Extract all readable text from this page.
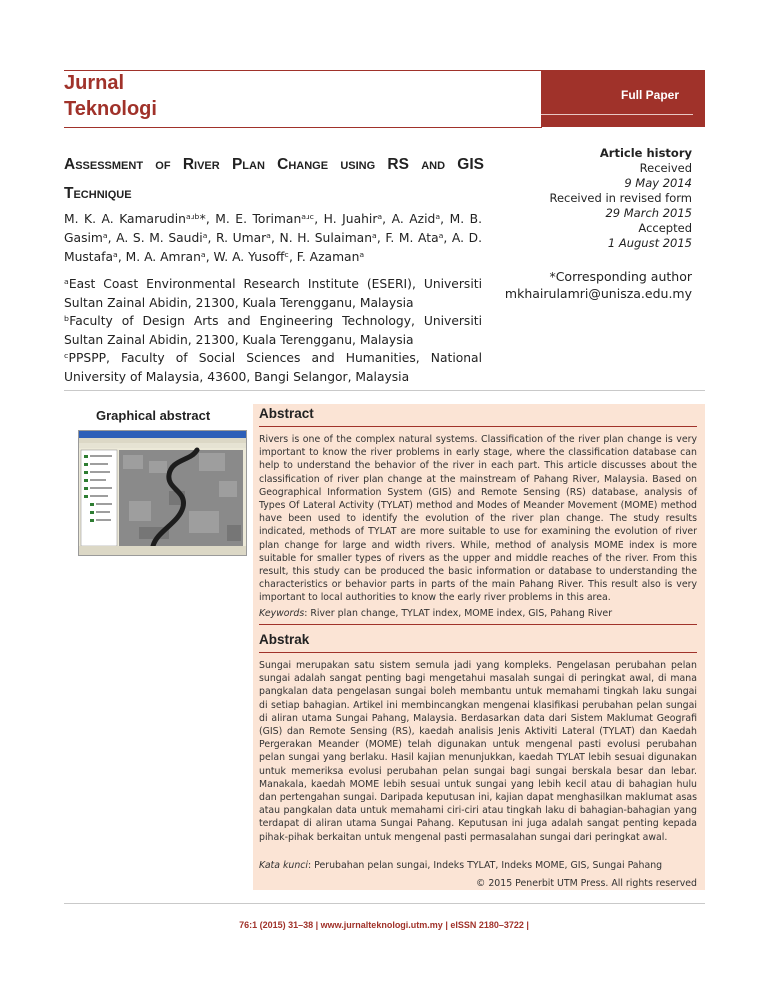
Jurnal
Teknologi
Full Paper
Assessment of River Plan Change using RS and GIS Technique
M. K. A. Kamarudinᵃʴᵇ*, M. E. Torimanᵃʴᶜ, H. Juahirᵃ, A. Azidᵃ, M. B. Gasimᵃ, A. S. M. Saudiᵃ, R. Umarᵃ, N. H. Sulaimanᵃ, F. M. Ataᵃ, A. D. Mustafaᵃ, M. A. Amranᵃ, W. A. Yusoffᶜ, F. Azamanᵃ
ᵃEast Coast Environmental Research Institute (ESERI), Universiti Sultan Zainal Abidin, 21300, Kuala Terengganu, Malaysia
ᵇFaculty of Design Arts and Engineering Technology, Universiti Sultan Zainal Abidin, 21300, Kuala Terengganu, Malaysia
ᶜPPSPP, Faculty of Social Sciences and Humanities, National University of Malaysia, 43600, Bangi Selangor, Malaysia
Article history
Received
9 May 2014
Received in revised form
29 March 2015
Accepted
1 August 2015
*Corresponding author
mkhairulamri@unisza.edu.my
Graphical abstract	Abstract
Rivers is one of the complex natural systems. Classification of the river plan change is very important to know the river problems in early stage, where the classification database can help to understand the behavior of the river in each part. This article discusses about the classification of river plan change at the mainstream of Pahang River, Malaysia. Based on Geographical Information System (GIS) and Remote Sensing (RS) database, analysis of Types Of Lateral Activity (TYLAT) method and Modes of Meander Movement (MOME) method have been used to identify the evolution of the river plan change. The study results indicated, methods of TYLAT are more suitable to use for examining the evolution of river plan change for large and width rivers. While, method of analysis MOME index is more suitable for smaller types of rivers as the upper and middle reaches of the river. From this result, this study can be produced the basic information or database to understanding the characteristics or behavior parts in parts of the main Pahang River. This result also is very important to local authorities to know the early river problems in this area.
Keywords: River plan change, TYLAT index, MOME index, GIS, Pahang River
Abstrak
Sungai merupakan satu sistem semula jadi yang kompleks. Pengelasan perubahan pelan sungai adalah sangat penting bagi mengetahui masalah sungai di peringkat awal, di mana pangkalan data pengelasan sungai boleh membantu untuk memahami tingkah laku sungai di setiap bahagian. Artikel ini membincangkan mengenai klasifikasi perubahan pelan sungai di aliran utama Sungai Pahang, Malaysia. Berdasarkan data dari Sistem Maklumat Geografi (GIS) dan Remote Sensing (RS), kaedah analisis Jenis Aktiviti Lateral (TYLAT) dan Kaedah Pergerakan Meander (MOME) telah digunakan untuk mengenal pasti evolusi perubahan pelan sungai yang berlaku. Hasil kajian menunjukkan, kaedah TYLAT lebih sesuai digunakan untuk memeriksa evolusi perubahan pelan sungai bagi sungai berskala besar dan lebar. Manakala, kaedah MOME lebih sesuai untuk sungai yang lebih kecil atau di bahagian hulu dan pertengahan sungai. Daripada keputusan ini, kajian dapat menghasilkan maklumat asas atau pangkalan data untuk memahami ciri-ciri atau tingkah laku di bahagian-bahagian yang terdapat di aliran utama Sungai Pahang. Keputusan ini juga adalah sangat penting kepada pihak-pihak berkaitan untuk mengenal pasti permasalahan sungai dari peringkat awal.
Kata kunci: Perubahan pelan sungai, Indeks TYLAT, Indeks MOME, GIS, Sungai Pahang
© 2015 Penerbit UTM Press. All rights reserved
76:1 (2015) 31–38 | www.jurnalteknologi.utm.my | eISSN 2180–3722 |
